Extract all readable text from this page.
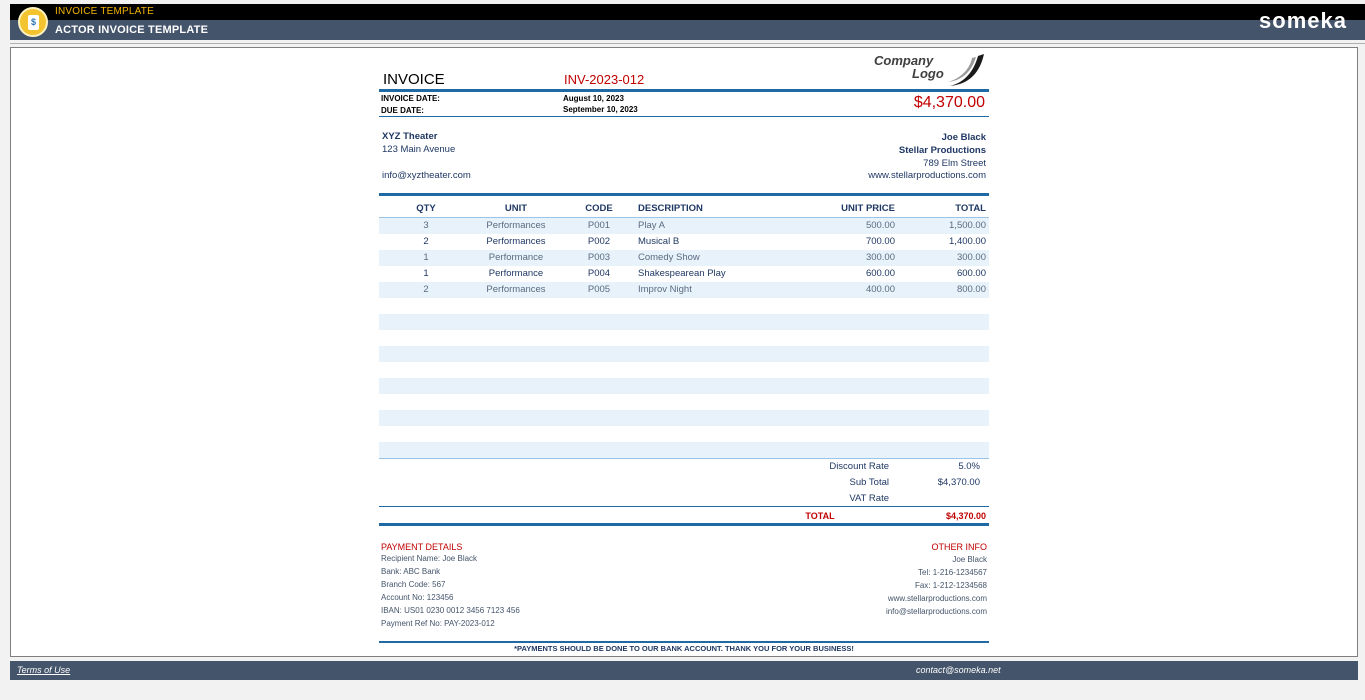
$
INVOICE TEMPLATE
ACTOR INVOICE TEMPLATE	someka
INVOICE	INV-2023-012
Company
Logo
INVOICE DATE:	August 10, 2023
DUE DATE:	September 10, 2023	$4,370.00
XYZ Theater
123 Main Avenue
info@xyztheater.com
Joe Black
Stellar Productions
789 Elm Street
www.stellarproductions.com
QTY	UNIT	CODE	DESCRIPTION	UNIT PRICE	TOTAL
3	Performances	P001	Play A	500.00	1,500.00
2	Performances	P002	Musical B	700.00	1,400.00
1	Performance	P003	Comedy Show	300.00	300.00
1	Performance	P004	Shakespearean Play	600.00	600.00
2	Performances	P005	Improv Night	400.00	800.00
Discount Rate	5.0%
Sub Total	$4,370.00
VAT Rate
TOTAL	$4,370.00
PAYMENT DETAILS
Recipient Name: Joe Black
Bank: ABC Bank
Branch Code: 567
Account No: 123456
IBAN: US01 0230 0012 3456 7123 456
Payment Ref No: PAY-2023-012
OTHER INFO
Joe Black
Tel: 1-216-1234567
Fax: 1-212-1234568
www.stellarproductions.com
info@stellarproductions.com
*PAYMENTS SHOULD BE DONE TO OUR BANK ACCOUNT. THANK YOU FOR YOUR BUSINESS!
Terms of Use	contact@someka.net
